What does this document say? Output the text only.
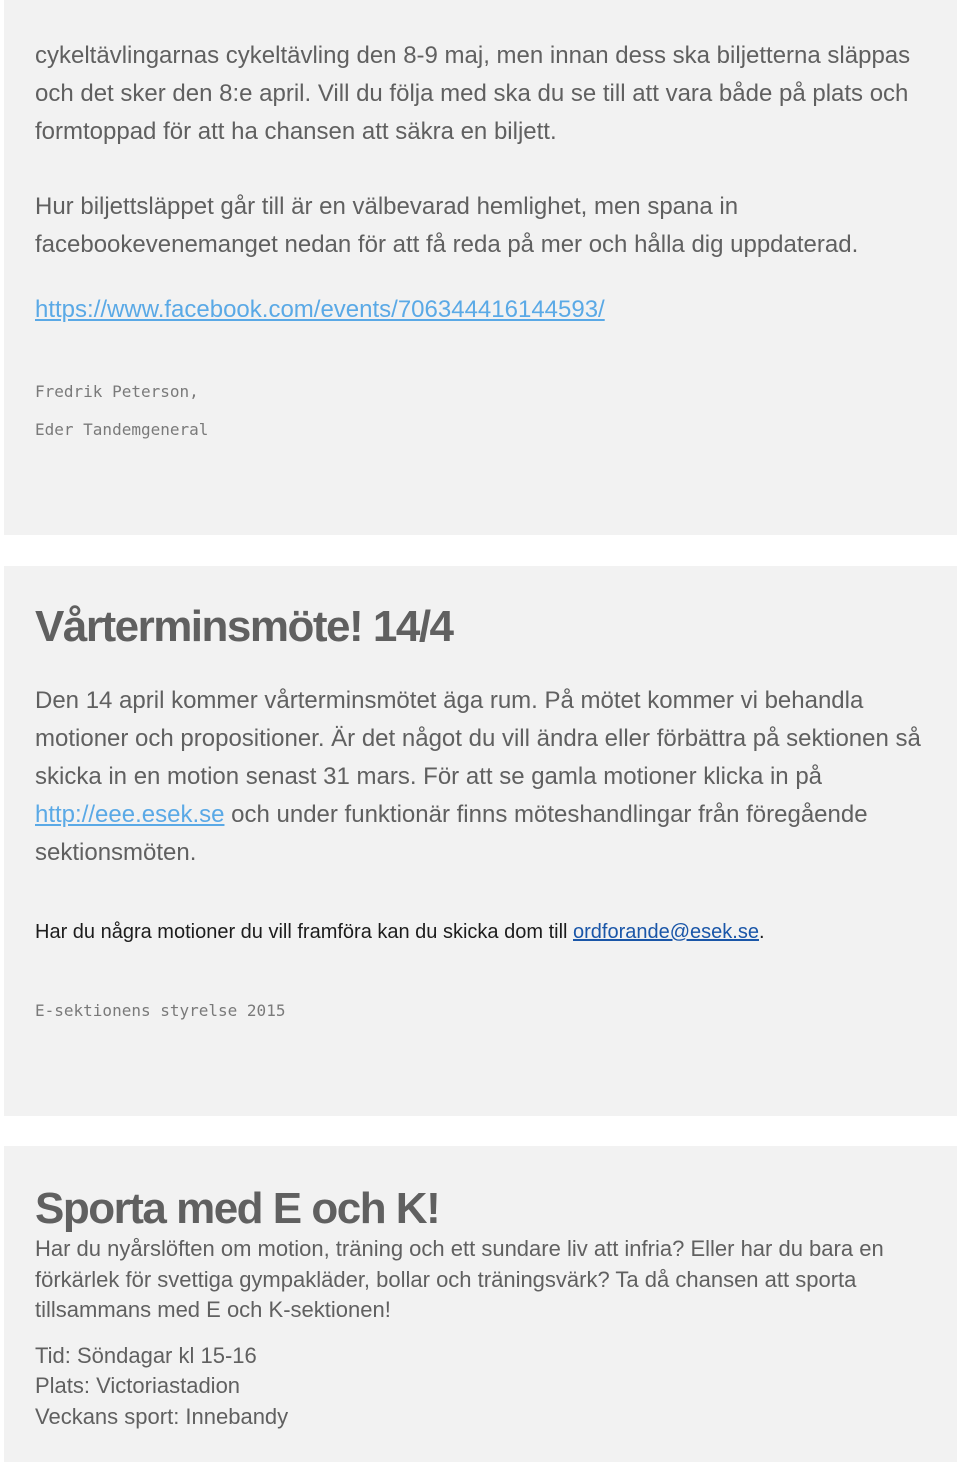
cykeltävlingarnas cykeltävling den 8-9 maj, men innan dess ska biljetterna släppas och det sker den 8:e april. Vill du följa med ska du se till att vara både på plats och formtoppad för att ha chansen att säkra en biljett.

Hur biljettsläppet går till är en välbevarad hemlighet, men spana in facebookevenemanget nedan för att få reda på mer och hålla dig uppdaterad.

https://www.facebook.com/events/706344416144593/

Fredrik Peterson,

Eder Tandemgeneral

Vårterminsmöte! 14/4

Den 14 april kommer vårterminsmötet äga rum. På mötet kommer vi behandla motioner och propositioner. Är det något du vill ändra eller förbättra på sektionen så skicka in en motion senast 31 mars. För att se gamla motioner klicka in på http://eee.esek.se och under funktionär finns möteshandlingar från föregående sektionsmöten.

Har du några motioner du vill framföra kan du skicka dom till ordforande@esek.se.

E-sektionens styrelse 2015

Sporta med E och K!

Har du nyårslöften om motion, träning och ett sundare liv att infria? Eller har du bara en förkärlek för svettiga gympakläder, bollar och träningsvärk? Ta då chansen att sporta tillsammans med E och K-sektionen!

Tid: Söndagar kl 15-16

Plats: Victoriastadion

Veckans sport: Innebandy
